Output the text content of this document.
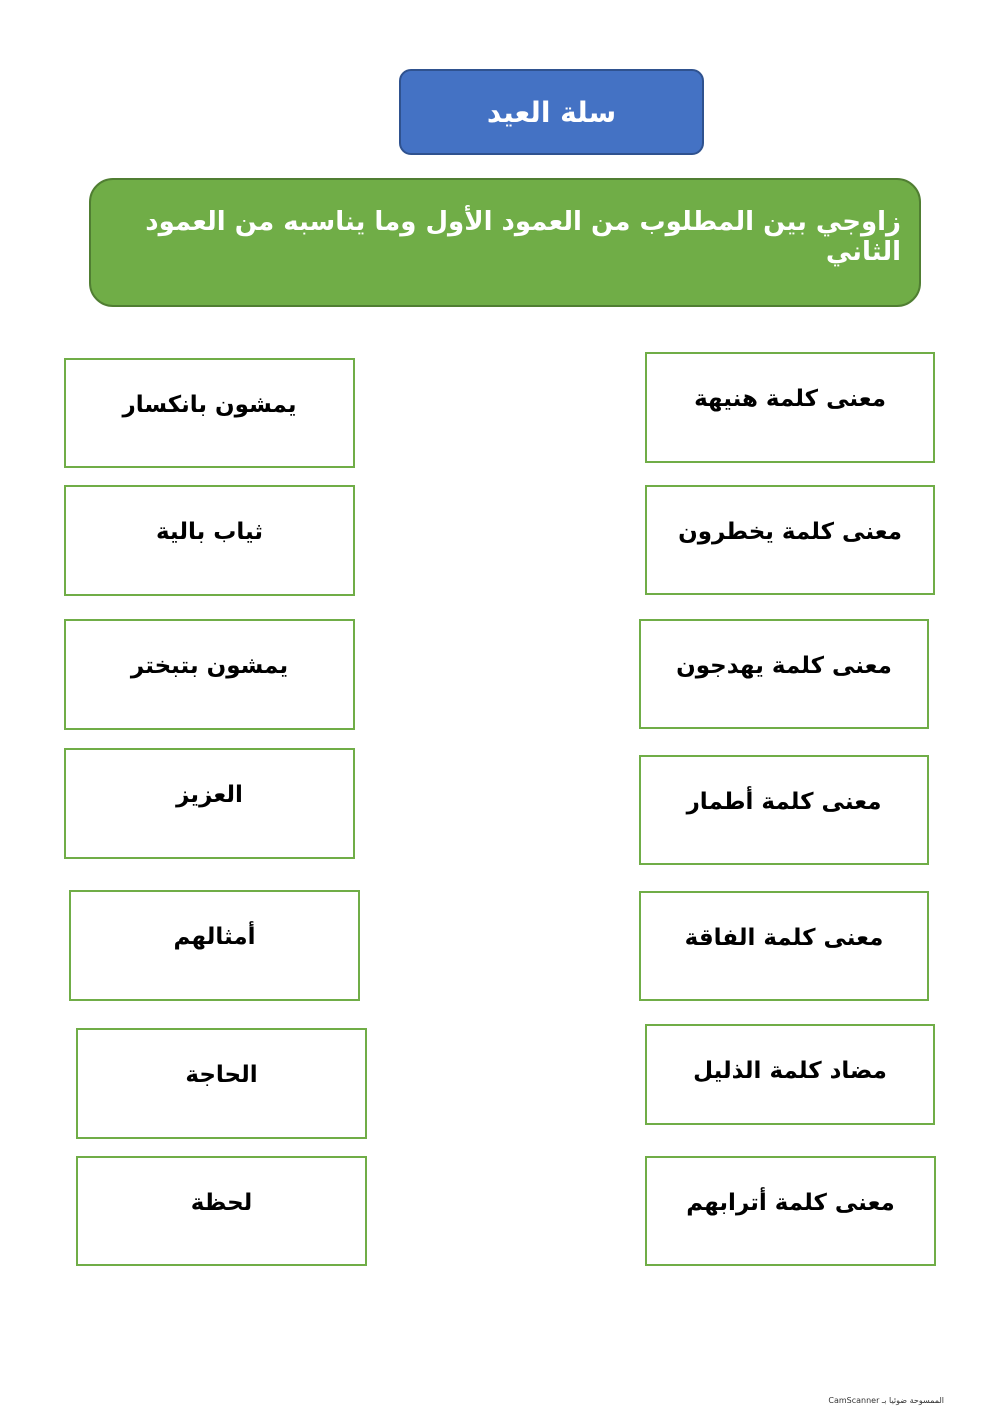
سلة العيد
زاوجي بين المطلوب من العمود الأول وما يناسبه من العمود الثاني
معنى كلمة هنيهة
معنى كلمة يخطرون
معنى كلمة يهدجون
معنى كلمة أطمار
معنى كلمة الفاقة
مضاد كلمة الذليل
معنى كلمة أترابهم
يمشون بانكسار
ثياب بالية
يمشون بتبختر
العزيز
أمثالهم
الحاجة
لحظة
الممسوحة ضوئيا بـ CamScanner
